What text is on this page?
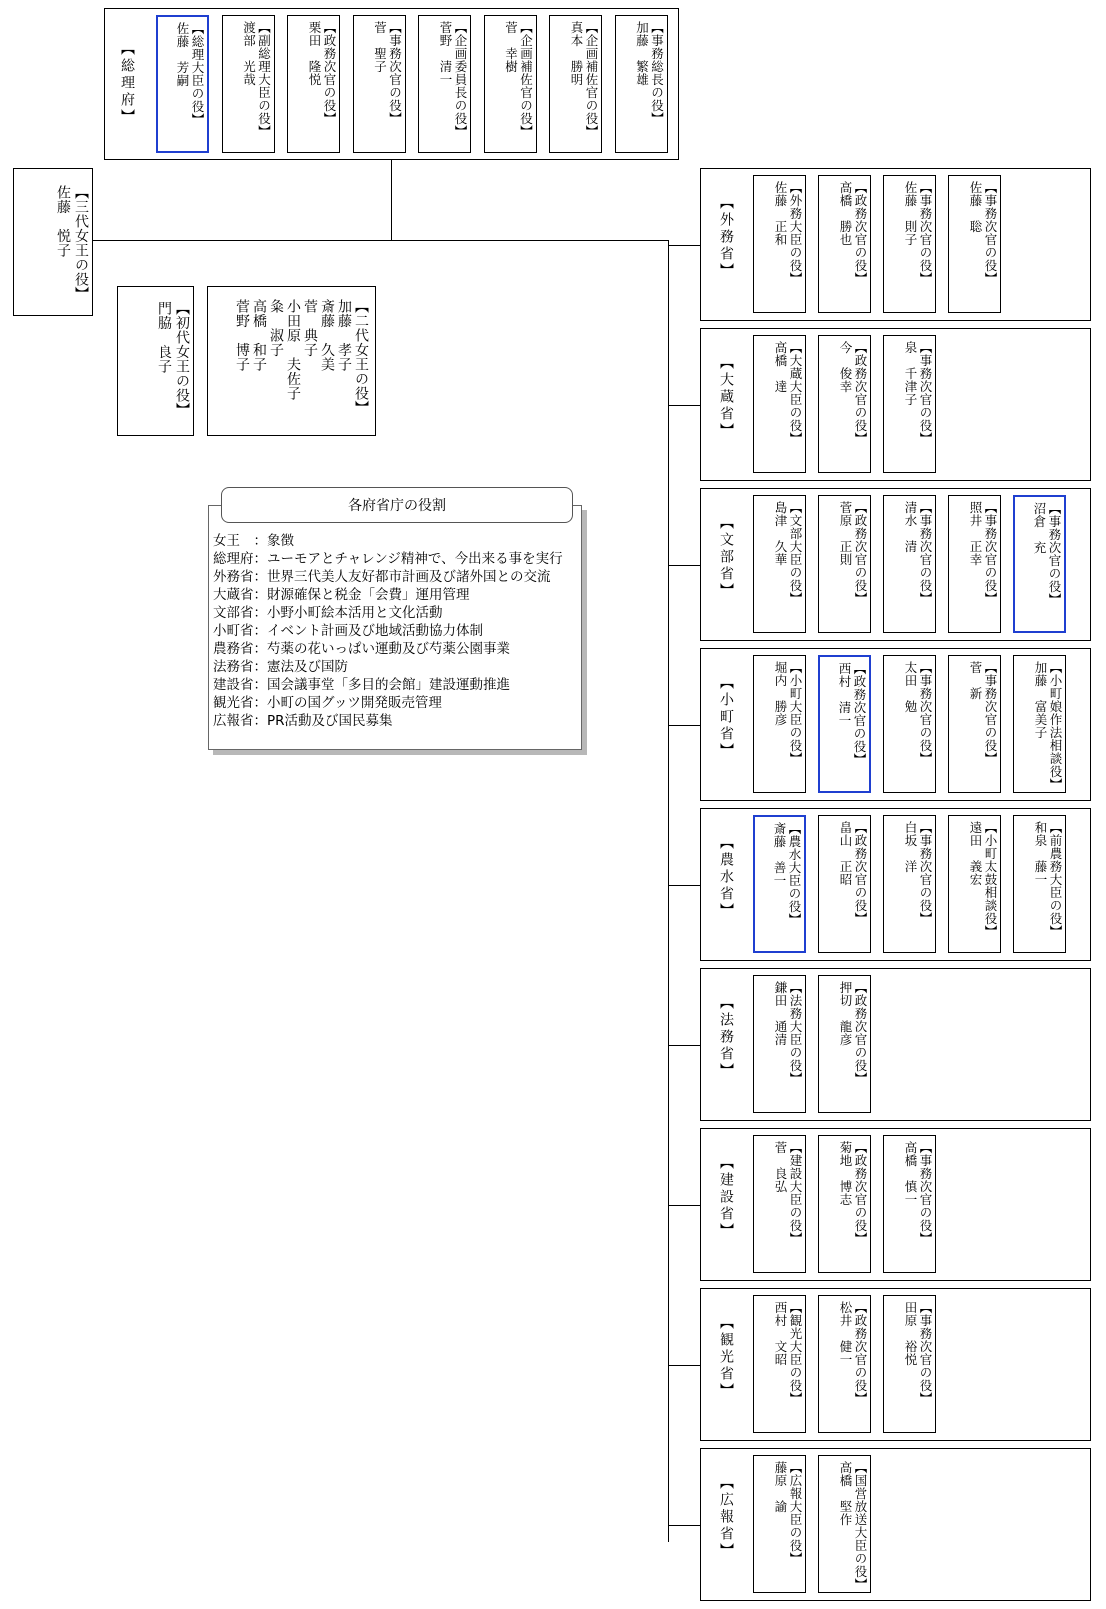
【総理府】	【総理大臣の役】
佐藤　芳嗣	【副総理大臣の役】
渡部　光哉	【政務次官の役】
栗田　隆悦	【事務次官の役】
菅　聖子	【企画委員長の役】
菅野　清一	【企画補佐官の役】
菅　幸樹	【企画補佐官の役】
真本　勝明	【事務総長の役】
加藤　繁雄
【三代女王の役】
佐藤　悦子
【初代女王の役】
門脇　良子	【二代女王の役】
加藤　孝子
斎藤　久美
菅　典子
小田原　夫佐子
粂　淑子
高橋　和子
菅野　博子
各府省庁の役割
女王　：象徴
総理府：ユーモアとチャレンジ精神で、今出来る事を実行
外務省：世界三代美人友好都市計画及び諸外国との交流
大蔵省：財源確保と税金「会費」運用管理
文部省：小野小町絵本活用と文化活動
小町省：イベント計画及び地域活動協力体制
農務省：芍薬の花いっぱい運動及び芍薬公園事業
法務省：憲法及び国防
建設省：国会議事堂「多目的会館」建設運動推進
観光省：小町の国グッツ開発販売管理
広報省：PR活動及び国民募集
【外務省】	【外務大臣の役】
佐藤　正和	【政務次官の役】
高橋　勝也	【事務次官の役】
佐藤　則子	【事務次官の役】
佐藤　聡
【大蔵省】	【大蔵大臣の役】
高橋　達	【政務次官の役】
今　俊幸	【事務次官の役】
泉　千津子
【文部省】	【文部大臣の役】
島津　久華	【政務次官の役】
菅原　正則	【事務次官の役】
清水　清	【事務次官の役】
照井　正幸	【事務次官の役】
沼倉　充
【小町省】	【小町大臣の役】
堀内　勝彦	【政務次官の役】
西村　清一	【事務次官の役】
太田　勉	【事務次官の役】
菅　新	【小町娘作法相談役】
加藤　富美子
【農水省】	【農水大臣の役】
斎藤　善一	【政務次官の役】
畠山　正昭	【事務次官の役】
白坂　洋	【小町太鼓相談役】
遠田　義宏	【前農務大臣の役】
和泉　藤一
【法務省】	【法務大臣の役】
鎌田　通清	【政務次官の役】
押切　龍彦
【建設省】	【建設大臣の役】
菅　良弘	【政務次官の役】
菊地　博志	【事務次官の役】
高橋　慎一
【観光省】	【観光大臣の役】
西村　文昭	【政務次官の役】
松井　健一	【事務次官の役】
田原　裕悦
【広報省】	【広報大臣の役】
藤原　諭	【国営放送大臣の役】
高橋　堅作
